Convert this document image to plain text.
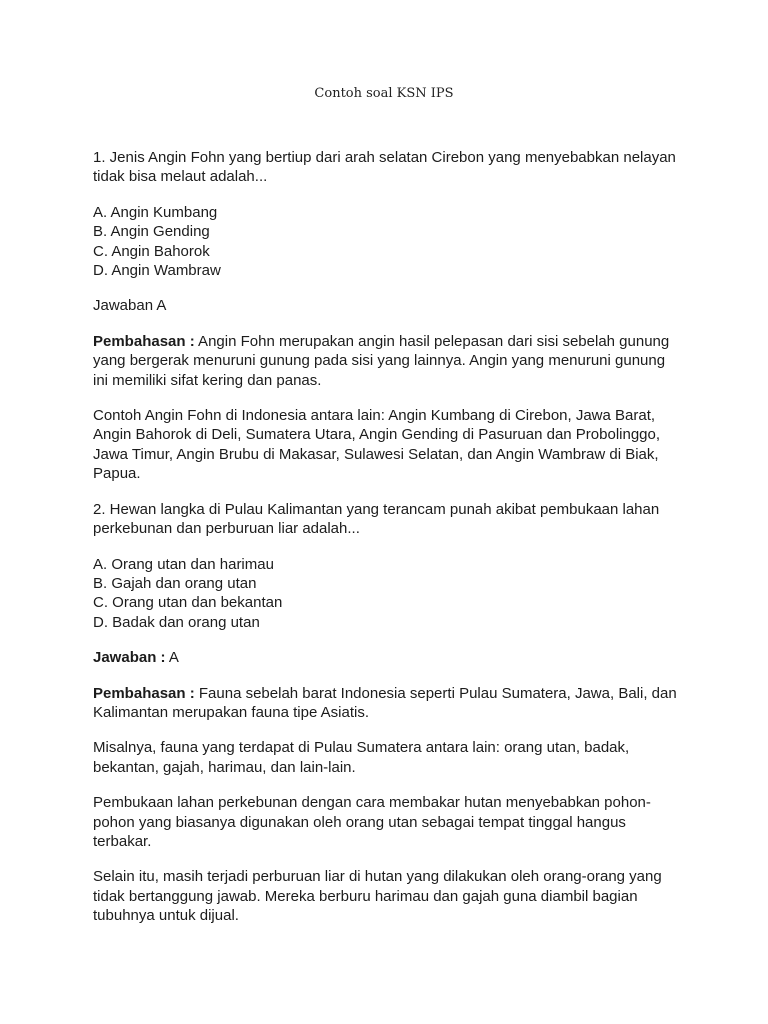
Contoh soal KSN IPS

1. Jenis Angin Fohn yang bertiup dari arah selatan Cirebon yang menyebabkan nelayan tidak bisa melaut adalah...

A. Angin Kumbang
B. Angin Gending
C. Angin Bahorok
D. Angin Wambraw

Jawaban A

Pembahasan : Angin Fohn merupakan angin hasil pelepasan dari sisi sebelah gunung yang bergerak menuruni gunung pada sisi yang lainnya. Angin yang menuruni gunung ini memiliki sifat kering dan panas.

Contoh Angin Fohn di Indonesia antara lain: Angin Kumbang di Cirebon, Jawa Barat, Angin Bahorok di Deli, Sumatera Utara, Angin Gending di Pasuruan dan Probolinggo, Jawa Timur, Angin Brubu di Makasar, Sulawesi Selatan, dan Angin Wambraw di Biak, Papua.

2. Hewan langka di Pulau Kalimantan yang terancam punah akibat pembukaan lahan perkebunan dan perburuan liar adalah...

A. Orang utan dan harimau
B. Gajah dan orang utan
C. Orang utan dan bekantan
D. Badak dan orang utan

Jawaban : A

Pembahasan : Fauna sebelah barat Indonesia seperti Pulau Sumatera, Jawa, Bali, dan Kalimantan merupakan fauna tipe Asiatis.

Misalnya, fauna yang terdapat di Pulau Sumatera antara lain: orang utan, badak, bekantan, gajah, harimau, dan lain-lain.

Pembukaan lahan perkebunan dengan cara membakar hutan menyebabkan pohon-pohon yang biasanya digunakan oleh orang utan sebagai tempat tinggal hangus terbakar.

Selain itu, masih terjadi perburuan liar di hutan yang dilakukan oleh orang-orang yang tidak bertanggung jawab. Mereka berburu harimau dan gajah guna diambil bagian tubuhnya untuk dijual.
